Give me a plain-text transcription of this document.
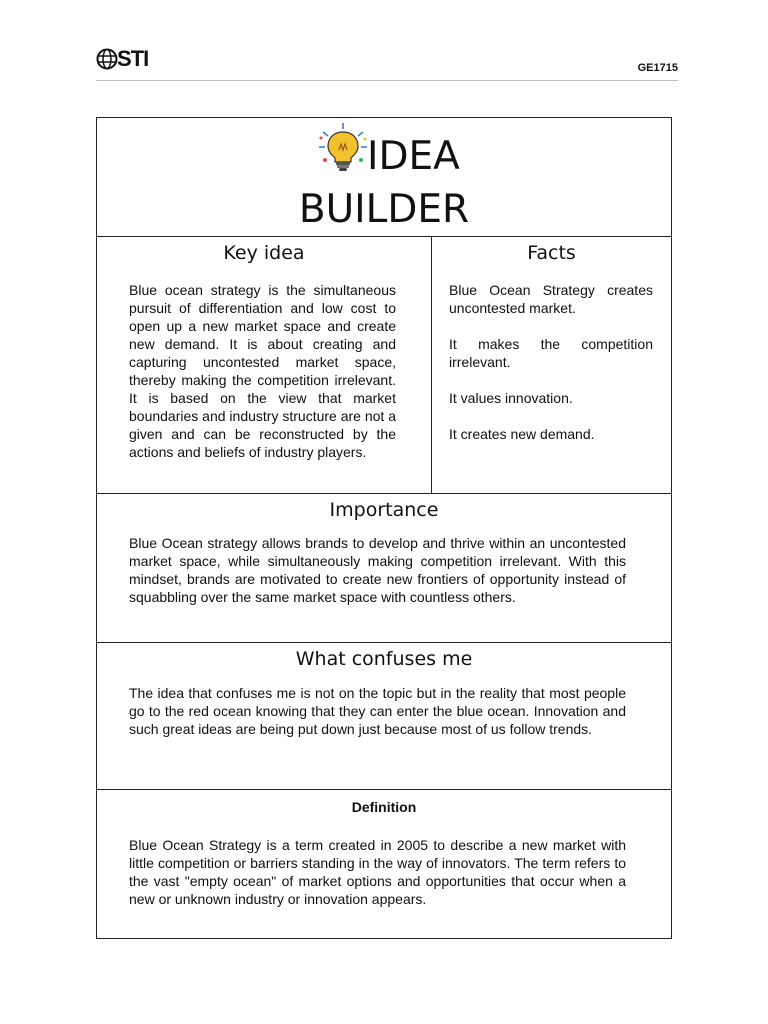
STI	GE1715
IDEA
BUILDER
Key idea
Blue ocean strategy is the simultaneous pursuit of differentiation and low cost to open up a new market space and create new demand. It is about creating and capturing uncontested market space, thereby making the competition irrelevant. It is based on the view that market boundaries and industry structure are not a given and can be reconstructed by the actions and beliefs of industry players.
Facts
Blue Ocean Strategy creates uncontested market.
It makes the competition irrelevant.
It values innovation.
It creates new demand.
Importance
Blue Ocean strategy allows brands to develop and thrive within an uncontested market space, while simultaneously making competition irrelevant. With this mindset, brands are motivated to create new frontiers of opportunity instead of squabbling over the same market space with countless others.
What confuses me
The idea that confuses me is not on the topic but in the reality that most people go to the red ocean knowing that they can enter the blue ocean. Innovation and such great ideas are being put down just because most of us follow trends.
Definition
Blue Ocean Strategy is a term created in 2005 to describe a new market with little competition or barriers standing in the way of innovators. The term refers to the vast "empty ocean" of market options and opportunities that occur when a new or unknown industry or innovation appears.
